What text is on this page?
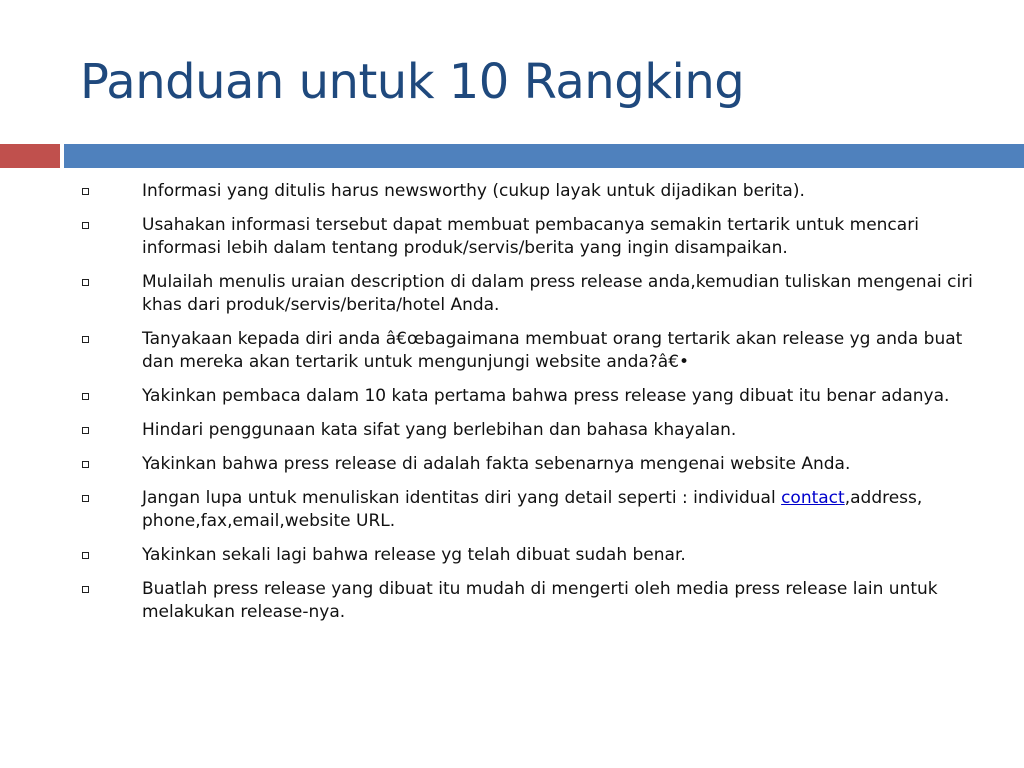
Panduan untuk 10 Rangking
Informasi yang ditulis harus newsworthy (cukup layak untuk dijadikan berita).
Usahakan informasi tersebut dapat membuat pembacanya semakin tertarik untuk mencari informasi lebih dalam tentang produk/servis/berita yang ingin disampaikan.
Mulailah menulis uraian description di dalam press release anda,kemudian tuliskan mengenai ciri khas dari produk/servis/berita/hotel Anda.
Tanyakaan kepada diri anda â€œbagaimana membuat orang tertarik akan release yg anda buat dan mereka akan tertarik untuk mengunjungi website anda?â€•
Yakinkan pembaca dalam 10 kata pertama bahwa press release yang dibuat itu benar adanya.
Hindari penggunaan kata sifat yang berlebihan dan bahasa khayalan.
Yakinkan bahwa press release di adalah fakta sebenarnya mengenai website Anda.
Jangan lupa untuk menuliskan identitas diri yang detail seperti : individual contact,address, phone,fax,email,website URL.
Yakinkan sekali lagi bahwa release yg telah dibuat sudah benar.
Buatlah press release yang dibuat itu mudah di mengerti oleh media press release lain untuk melakukan release-nya.
